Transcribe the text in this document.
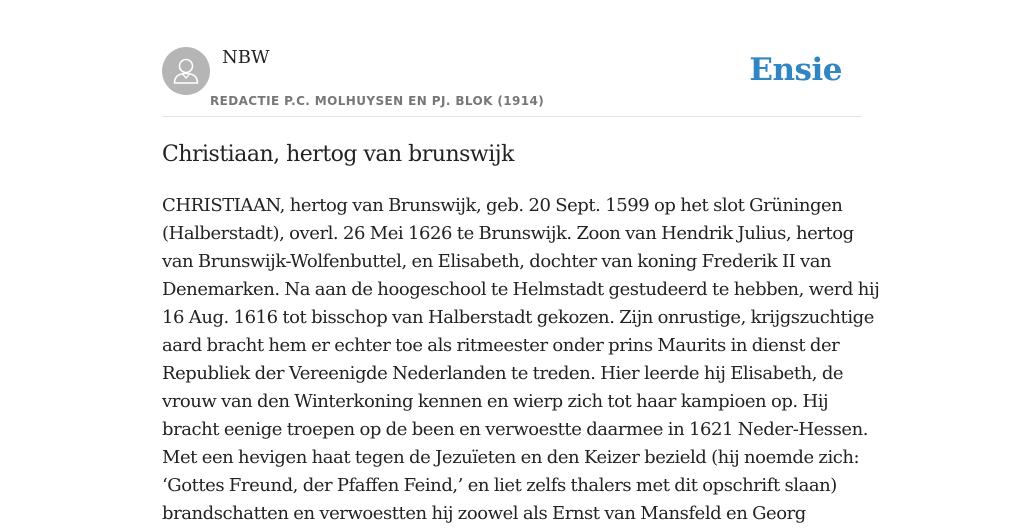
NBW
REDACTIE P.C. MOLHUYSEN EN PJ. BLOK (1914)
Ensie
Christiaan, hertog van brunswijk
CHRISTIAAN, hertog van Brunswijk, geb. 20 Sept. 1599 op het slot Grüningen
(Halberstadt), overl. 26 Mei 1626 te Brunswijk. Zoon van Hendrik Julius, hertog
van Brunswijk-Wolfenbuttel, en Elisabeth, dochter van koning Frederik II van
Denemarken. Na aan de hoogeschool te Helmstadt gestudeerd te hebben, werd hij
16 Aug. 1616 tot bisschop van Halberstadt gekozen. Zijn onrustige, krijgszuchtige
aard bracht hem er echter toe als ritmeester onder prins Maurits in dienst der
Republiek der Vereenigde Nederlanden te treden. Hier leerde hij Elisabeth, de
vrouw van den Winterkoning kennen en wierp zich tot haar kampioen op. Hij
bracht eenige troepen op de been en verwoestte daarmee in 1621 Neder-Hessen.
Met een hevigen haat tegen de Jezuïeten en den Keizer bezield (hij noemde zich:
‘Gottes Freund, der Pfaffen Feind,’ en liet zelfs thalers met dit opschrift slaan)
brandschatten en verwoestten hij zoowel als Ernst van Mansfeld en Georg
